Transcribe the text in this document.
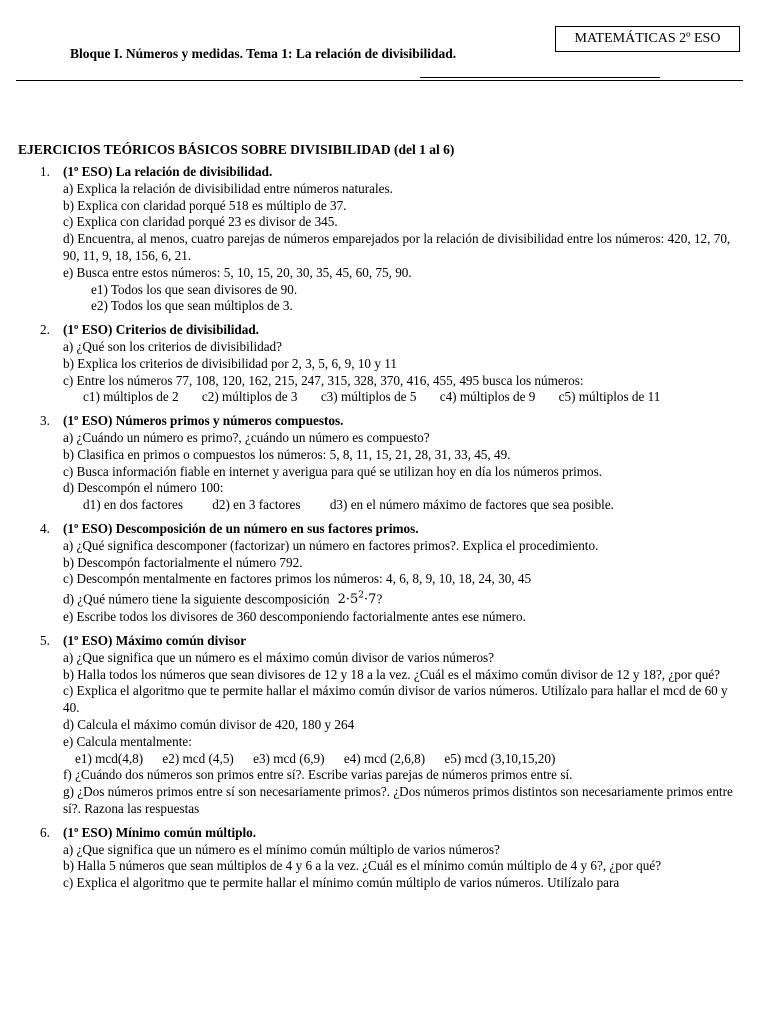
MATEMÁTICAS 2º ESO
Bloque I. Números y medidas. Tema 1: La relación de divisibilidad.
EJERCICIOS TEÓRICOS BÁSICOS SOBRE DIVISIBILIDAD (del 1 al 6)
1. (1º ESO) La relación de divisibilidad.
a) Explica la relación de divisibilidad entre números naturales.
b) Explica con claridad porqué 518 es múltiplo de 37.
c) Explica con claridad porqué 23 es divisor de 345.
d) Encuentra, al menos, cuatro parejas de números emparejados por la relación de divisibilidad entre los números: 420, 12, 70, 90, 11, 9, 18, 156, 6, 21.
e) Busca entre estos números: 5, 10, 15, 20, 30, 35, 45, 60, 75, 90.
e1) Todos los que sean divisores de 90.
e2) Todos los que sean múltiplos de 3.
2. (1º ESO) Criterios de divisibilidad.
a) ¿Qué son los criterios de divisibilidad?
b) Explica los criterios de divisibilidad por 2, 3, 5, 6, 9, 10 y 11
c) Entre los números 77, 108, 120, 162, 215, 247, 315, 328, 370, 416, 455, 495 busca los números:
c1) múltiplos de 2 c2) múltiplos de 3 c3) múltiplos de 5 c4) múltiplos de 9 c5) múltiplos de 11
3. (1º ESO) Números primos y números compuestos.
a) ¿Cuándo un número es primo?, ¿cuándo un número es compuesto?
b) Clasifica en primos o compuestos los números: 5, 8, 11, 15, 21, 28, 31, 33, 45, 49.
c) Busca información fiable en internet y averigua para qué se utilizan hoy en día los números primos.
d) Descompón el número 100:
d1) en dos factores d2) en 3 factores d3) en el número máximo de factores que sea posible.
4. (1º ESO) Descomposición de un número en sus factores primos.
a) ¿Qué significa descomponer (factorizar) un número en factores primos?. Explica el procedimiento.
b) Descompón factorialmente el número 792.
c) Descompón mentalmente en factores primos los números: 4, 6, 8, 9, 10, 18, 24, 30, 45
d) ¿Qué número tiene la siguiente descomposición $2\cdot 5^2\cdot 7$?
e) Escribe todos los divisores de 360 descomponiendo factorialmente antes ese número.
5. (1º ESO) Máximo común divisor
a) ¿Que significa que un número es el máximo común divisor de varios números?
b) Halla todos los números que sean divisores de 12 y 18 a la vez. ¿Cuál es el máximo común divisor de 12 y 18?, ¿por qué?
c) Explica el algoritmo que te permite hallar el máximo común divisor de varios números. Utilízalo para hallar el mcd de 60 y 40.
d) Calcula el máximo común divisor de 420, 180 y 264
e) Calcula mentalmente:
e1) mcd(4,8) e2) mcd (4,5) e3) mcd (6,9) e4) mcd (2,6,8) e5) mcd (3,10,15,20)
f) ¿Cuándo dos números son primos entre sí?. Escribe varias parejas de números primos entre sí.
g) ¿Dos números primos entre sí son necesariamente primos?. ¿Dos números primos distintos son necesariamente primos entre sí?. Razona las respuestas
6. (1º ESO) Mínimo común múltiplo.
a) ¿Que significa que un número es el mínimo común múltiplo de varios números?
b) Halla 5 números que sean múltiplos de 4 y 6 a la vez. ¿Cuál es el mínimo común múltiplo de 4 y 6?, ¿por qué?
c) Explica el algoritmo que te permite hallar el mínimo común múltiplo de varios números. Utilízalo para
